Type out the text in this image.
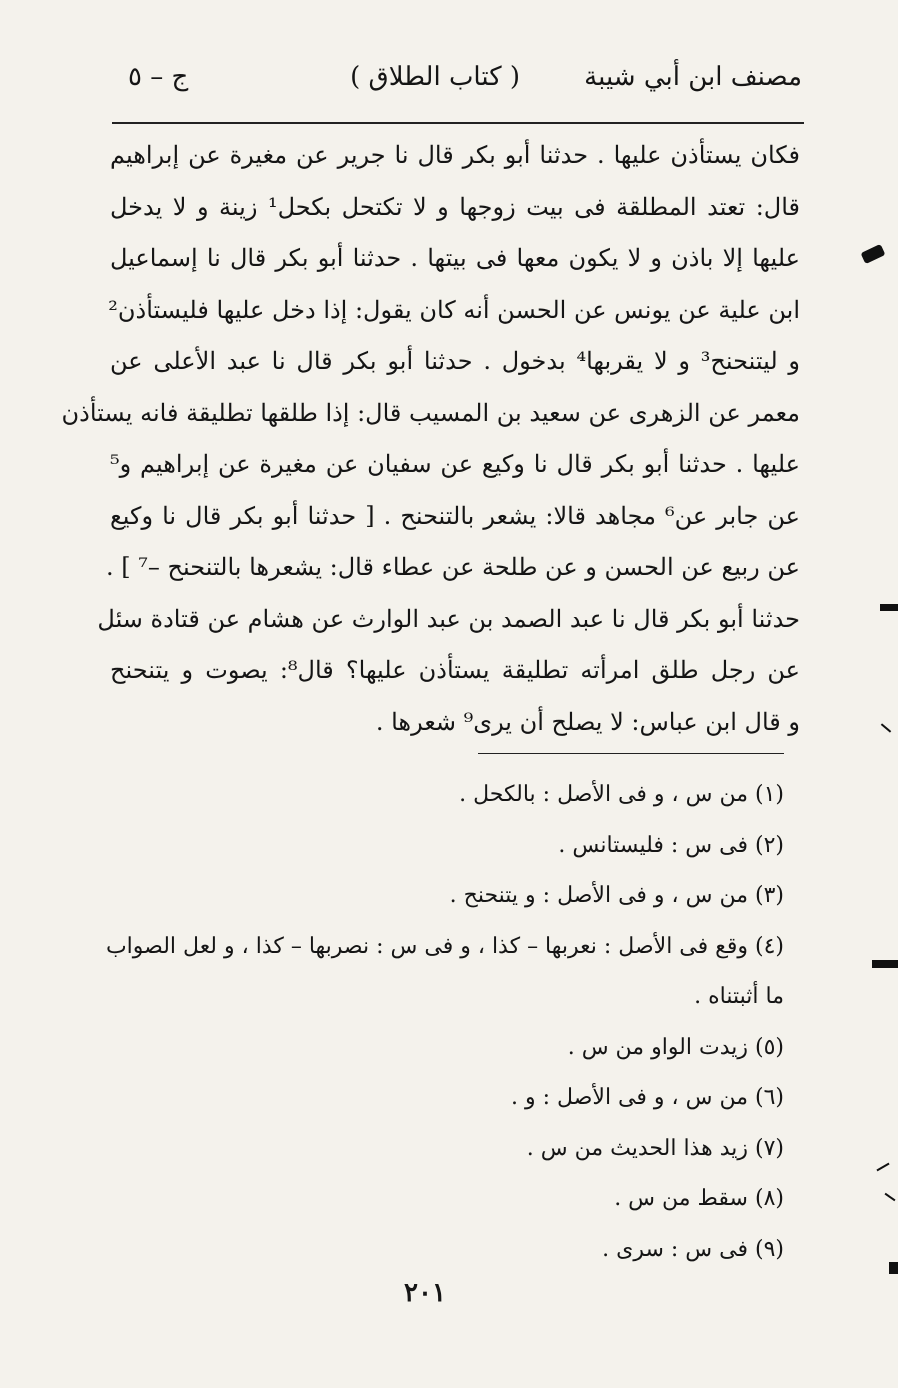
مصنف ابن أبي شيبة
( كتاب الطلاق )
ج – ٥
فكان يستأذن عليها . حدثنا أبو بكر قال نا جرير عن مغيرة عن إبراهيم
قال: تعتد المطلقة فى بيت زوجها و لا تكتحل بكحل¹ زينة و لا يدخل
عليها إلا باذن و لا يكون معها فى بيتها . حدثنا أبو بكر قال نا إسماعيل
ابن علية عن يونس عن الحسن أنه كان يقول: إذا دخل عليها فليستأذن²
و ليتنحنح³ و لا يقربها⁴ بدخول . حدثنا أبو بكر قال نا عبد الأعلى عن
معمر عن الزهرى عن سعيد بن المسيب قال: إذا طلقها تطليقة فانه يستأذن
عليها . حدثنا أبو بكر قال نا وكيع عن سفيان عن مغيرة عن إبراهيم و⁵
عن جابر عن⁶ مجاهد قالا: يشعر بالتنحنح . [ حدثنا أبو بكر قال نا وكيع
عن ربيع عن الحسن و عن طلحة عن عطاء قال: يشعرها بالتنحنح –⁷ ] .
حدثنا أبو بكر قال نا عبد الصمد بن عبد الوارث عن هشام عن قتادة سئل
عن رجل طلق امرأته تطليقة يستأذن عليها؟ قال⁸: يصوت و يتنحنح
و قال ابن عباس: لا يصلح أن يرى⁹ شعرها .
(١) من س ، و فى الأصل : بالكحل .
(٢) فى س : فليستانس .
(٣) من س ، و فى الأصل : و يتنحنح .
(٤) وقع فى الأصل : نعربها – كذا ، و فى س : نصربها – كذا ، و لعل الصواب
ما أثبتناه .
(٥) زيدت الواو من س .
(٦) من س ، و فى الأصل : و .
(٧) زيد هذا الحديث من س .
(٨) سقط من س .
(٩) فى س : سرى .
٢٠١
